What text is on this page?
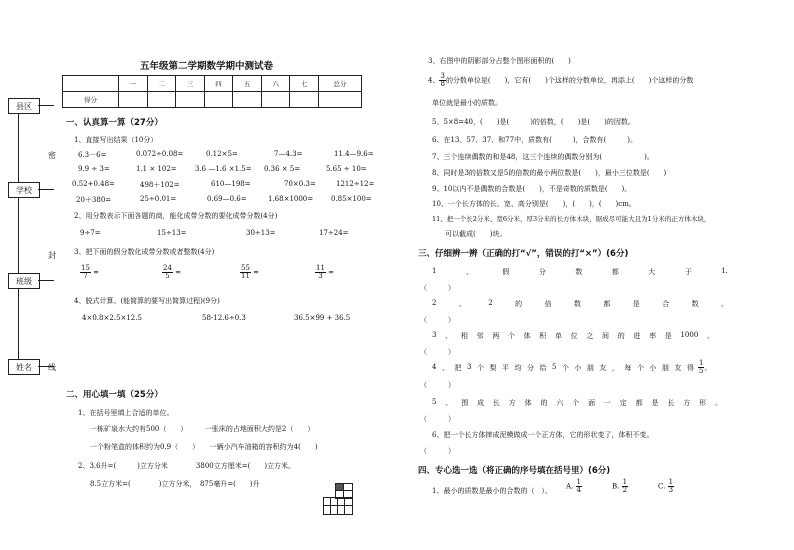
县区
学校
班级
姓名
密
封
线
五年级第二学期数学期中测试卷
	一	二	三	四	五	六	七	总分
得分								
一、认真算一算（27分）
1、直接写出结果（10分）
6.3－6=	0.072÷0.08=	0.12×5=	7—4.3=	11.4—9.6=
9.9 ÷ 3=	1.1 × 102=	3.6 —1.6 ×1.5= 0.36 × 5=	5.65 ÷ 10=
0.52+0.48=	498＋102=	610—198=	70×0.3=	1212÷12=
20＋380=	25÷0.01=	0.69—0.6=	1.68×1000=	0.85×100=
2、用分数表示下面各题的商，能化成带分数的要化成带分数(4分)
9÷7=	15÷13=	30÷13=	17÷24=
3、把下面的假分数化成带分数或者整数(4分)
$\frac{15}{7}$ =	$\frac{24}{5}$ =	$\frac{55}{11}$ =	$\frac{11}{3}$ =
4、脱式计算。(能简算的要写出简算过程)(9分)
4×0.8×2.5×12.5	58-12.6÷0.3	36.5×99 + 36.5
二、用心填一填（25分）
1、在括号里填上合适的单位。
一栋矿泉水大约有500（　　）　　　一张床的占地面积大约是2（　　）
一个粉笔盒的体积约为0.9（　　）　　一辆小汽车油箱的容积约为4(　　)
2、3.6升=(　　　)立方分米　　　　3800立方厘米=(　　)立方米。
8.5立方米=(　　　　)立方分米，　875毫升=(　　)升
3、右图中的阴影部分占整个图形面积的(　　)
4、 $\frac{3}{8}$ 的分数单位是(　　)，它有(　　)个这样的分数单位，再添上(　　)个这样的分数
单位就是最小的质数。
5、5×8=40，(　　)是(　　　)的倍数，(　　)是(　　)的因数。
6、在13、57、37、和77中，质数有(　　　)，合数有(　　　)。
7、三个连续偶数的和是48，这三个连续的偶数分别为(　　　　　　)。
8、同时是3的倍数又是5的倍数的最小两位数是(　　)，最小三位数是(　　)
9、10以内不是偶数的合数是(　　)，不是奇数的质数是(　　)。
10、一个长方体的长、宽、高分别是(　　)，(　　)，(　　)cm。
11、把一个长2分米、宽6分米、厚3分米的长方体木块，锯成尽可能大且为1分米的正方体木块，
可以截成(　　)块。
三、仔细辨一辨（正确的打“√”，错误的打“×”）(6分)
1	、	假	分	数	都	大	于	1.
（　　　）
2	、	2	的	倍	数	都	是	合	数	。
（　　　）
3 、 相 邻 两 个 体 积 单 位 之 间 的 进 率 是 1000 。
（　　　）
4 、 把 3 个 梨 平 均 分 给 5 个 小 朋 友 ， 每 个 小 朋 友 得 $\frac{1}{5}$ 。
（　　　）
5 、 围 成 长 方 体 的 六 个 面 一 定 都 是 长 方 形 。
（　　　）
6、把一个长方体摔成泥模做成一个正方体，它的形状变了，体积不变。
（　　　）
四、专心选一选（将正确的序号填在括号里）(6分)
1、最小的质数是最小的合数的（　）。
A. $\frac{1}{4}$	B. $\frac{1}{2}$	C. $\frac{1}{3}$
